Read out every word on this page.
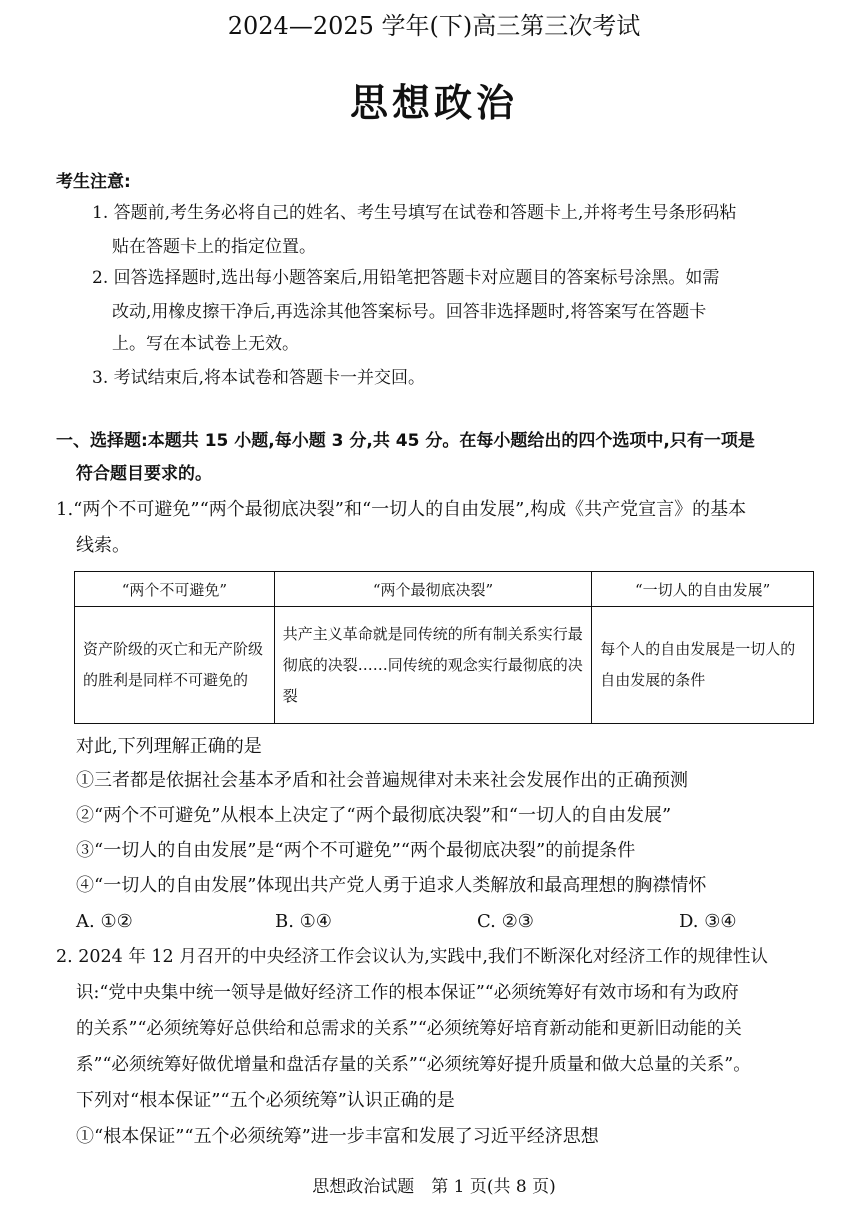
2024—2025 学年(下)高三第三次考试
思想政治
考生注意:
1. 答题前,考生务必将自己的姓名、考生号填写在试卷和答题卡上,并将考生号条形码粘
贴在答题卡上的指定位置。
2. 回答选择题时,选出每小题答案后,用铅笔把答题卡对应题目的答案标号涂黑。如需
改动,用橡皮擦干净后,再选涂其他答案标号。回答非选择题时,将答案写在答题卡
上。写在本试卷上无效。
3. 考试结束后,将本试卷和答题卡一并交回。
一、选择题:本题共 15 小题,每小题 3 分,共 45 分。在每小题给出的四个选项中,只有一项是
符合题目要求的。
1.“两个不可避免”“两个最彻底决裂”和“一切人的自由发展”,构成《共产党宣言》的基本
线索。
“两个不可避免”	“两个最彻底决裂”	“一切人的自由发展”
资产阶级的灭亡和无产阶级的胜利是同样不可避免的	共产主义革命就是同传统的所有制关系实行最彻底的决裂……同传统的观念实行最彻底的决裂	每个人的自由发展是一切人的自由发展的条件
对此,下列理解正确的是
①三者都是依据社会基本矛盾和社会普遍规律对未来社会发展作出的正确预测
②“两个不可避免”从根本上决定了“两个最彻底决裂”和“一切人的自由发展”
③“一切人的自由发展”是“两个不可避免”“两个最彻底决裂”的前提条件
④“一切人的自由发展”体现出共产党人勇于追求人类解放和最高理想的胸襟情怀
A. ①②	B. ①④	C. ②③	D. ③④
2. 2024 年 12 月召开的中央经济工作会议认为,实践中,我们不断深化对经济工作的规律性认
识:“党中央集中统一领导是做好经济工作的根本保证”“必须统筹好有效市场和有为政府
的关系”“必须统筹好总供给和总需求的关系”“必须统筹好培育新动能和更新旧动能的关
系”“必须统筹好做优增量和盘活存量的关系”“必须统筹好提升质量和做大总量的关系”。
下列对“根本保证”“五个必须统筹”认识正确的是
①“根本保证”“五个必须统筹”进一步丰富和发展了习近平经济思想
思想政治试题　第 1 页(共 8 页)
